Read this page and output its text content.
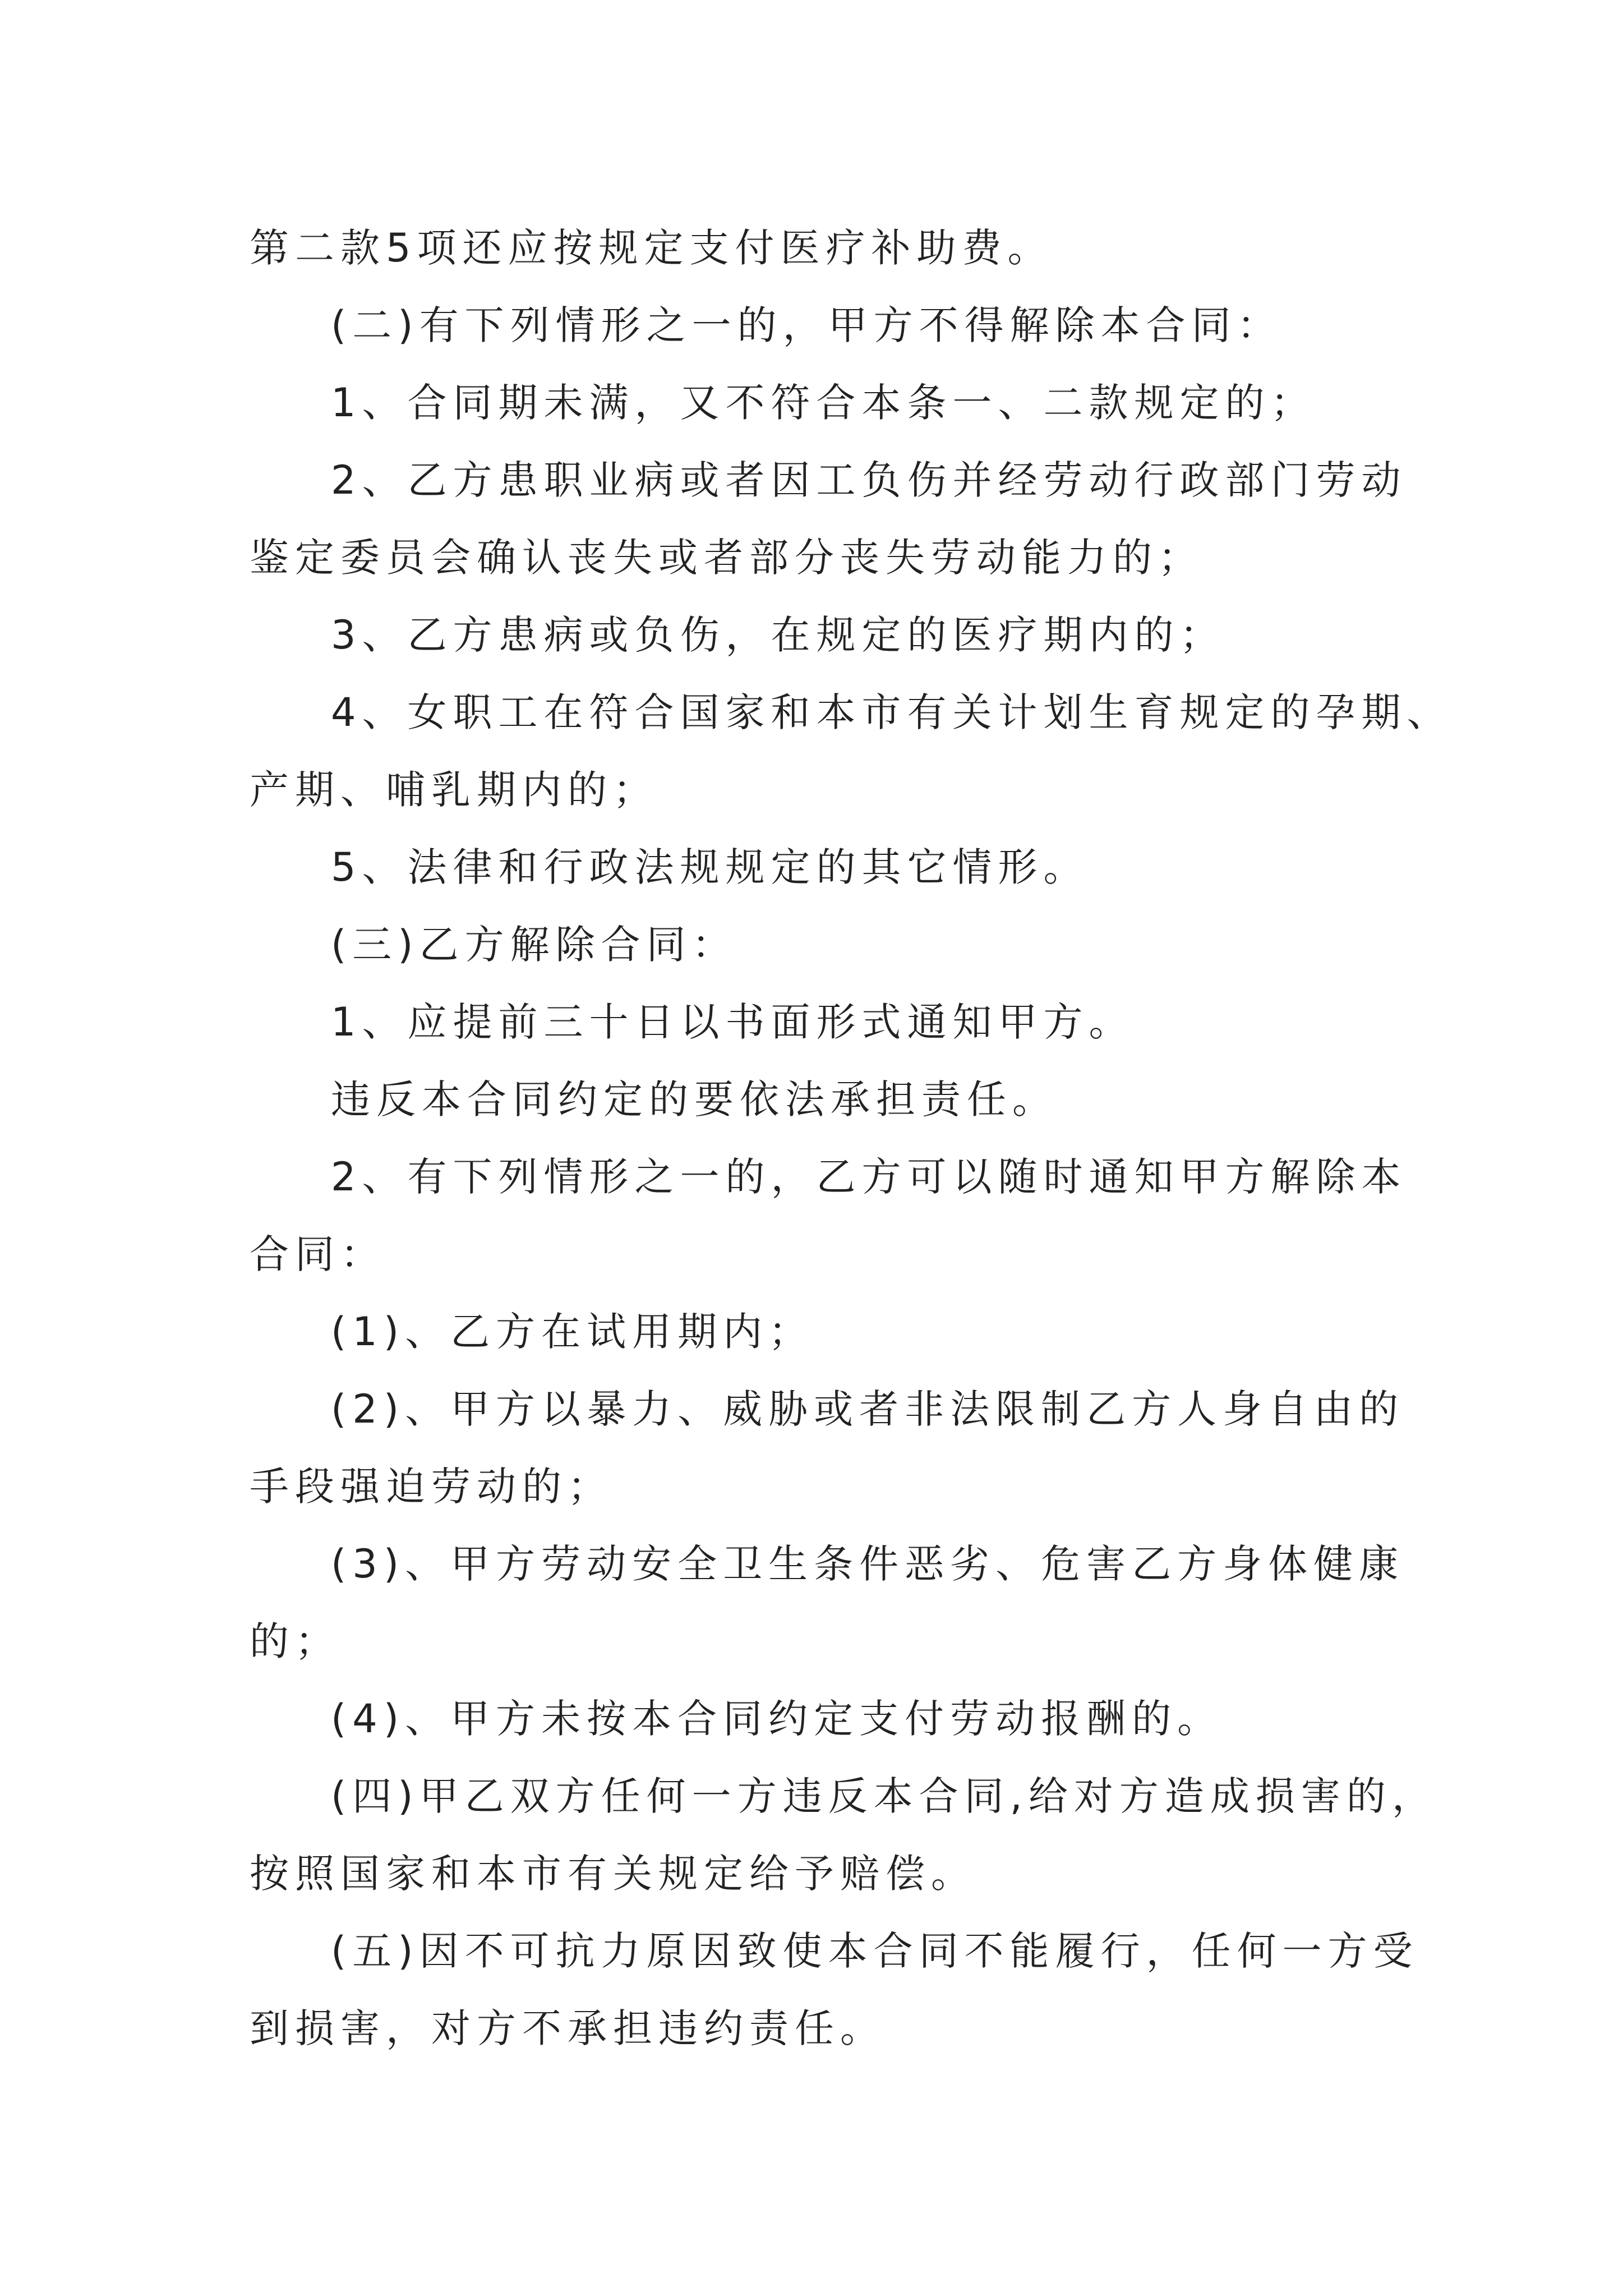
第二款5项还应按规定支付医疗补助费。
(二)有下列情形之一的，甲方不得解除本合同：
1、合同期未满，又不符合本条一、二款规定的；
2、乙方患职业病或者因工负伤并经劳动行政部门劳动
鉴定委员会确认丧失或者部分丧失劳动能力的；
3、乙方患病或负伤，在规定的医疗期内的；
4、女职工在符合国家和本市有关计划生育规定的孕期、
产期、哺乳期内的；
5、法律和行政法规规定的其它情形。
(三)乙方解除合同：
1、应提前三十日以书面形式通知甲方。
违反本合同约定的要依法承担责任。
2、有下列情形之一的，乙方可以随时通知甲方解除本
合同：
(1)、乙方在试用期内；
(2)、甲方以暴力、威胁或者非法限制乙方人身自由的
手段强迫劳动的；
(3)、甲方劳动安全卫生条件恶劣、危害乙方身体健康
的；
(4)、甲方未按本合同约定支付劳动报酬的。
(四)甲乙双方任何一方违反本合同,给对方造成损害的，
按照国家和本市有关规定给予赔偿。
(五)因不可抗力原因致使本合同不能履行，任何一方受
到损害，对方不承担违约责任。
